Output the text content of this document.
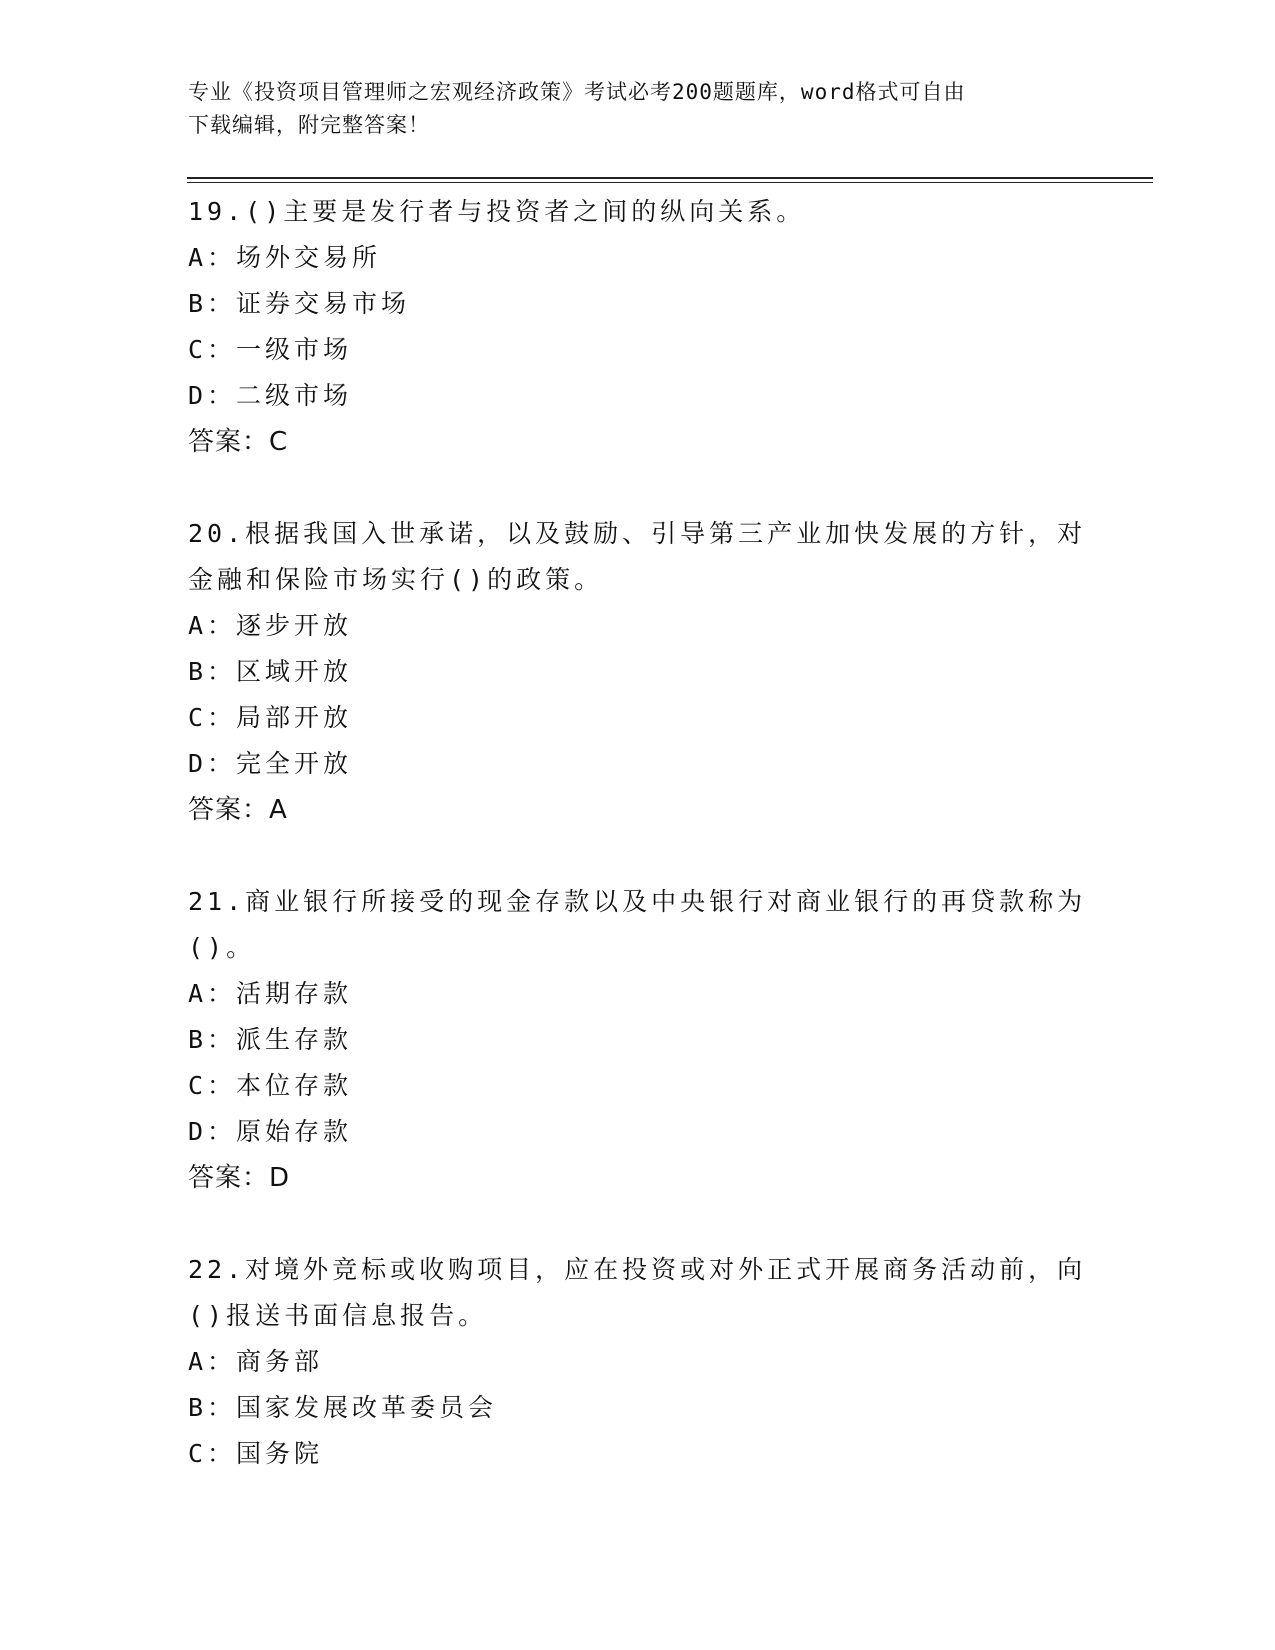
专业《投资项目管理师之宏观经济政策》考试必考200题题库，word格式可自由
下载编辑，附完整答案！
19.()主要是发行者与投资者之间的纵向关系。
A：场外交易所
B：证券交易市场
C：一级市场
D：二级市场
答案：C
20.根据我国入世承诺，以及鼓励、引导第三产业加快发展的方针，对
金融和保险市场实行()的政策。
A：逐步开放
B：区域开放
C：局部开放
D：完全开放
答案：A
21.商业银行所接受的现金存款以及中央银行对商业银行的再贷款称为
()。
A：活期存款
B：派生存款
C：本位存款
D：原始存款
答案：D
22.对境外竞标或收购项目，应在投资或对外正式开展商务活动前，向
()报送书面信息报告。
A：商务部
B：国家发展改革委员会
C：国务院
